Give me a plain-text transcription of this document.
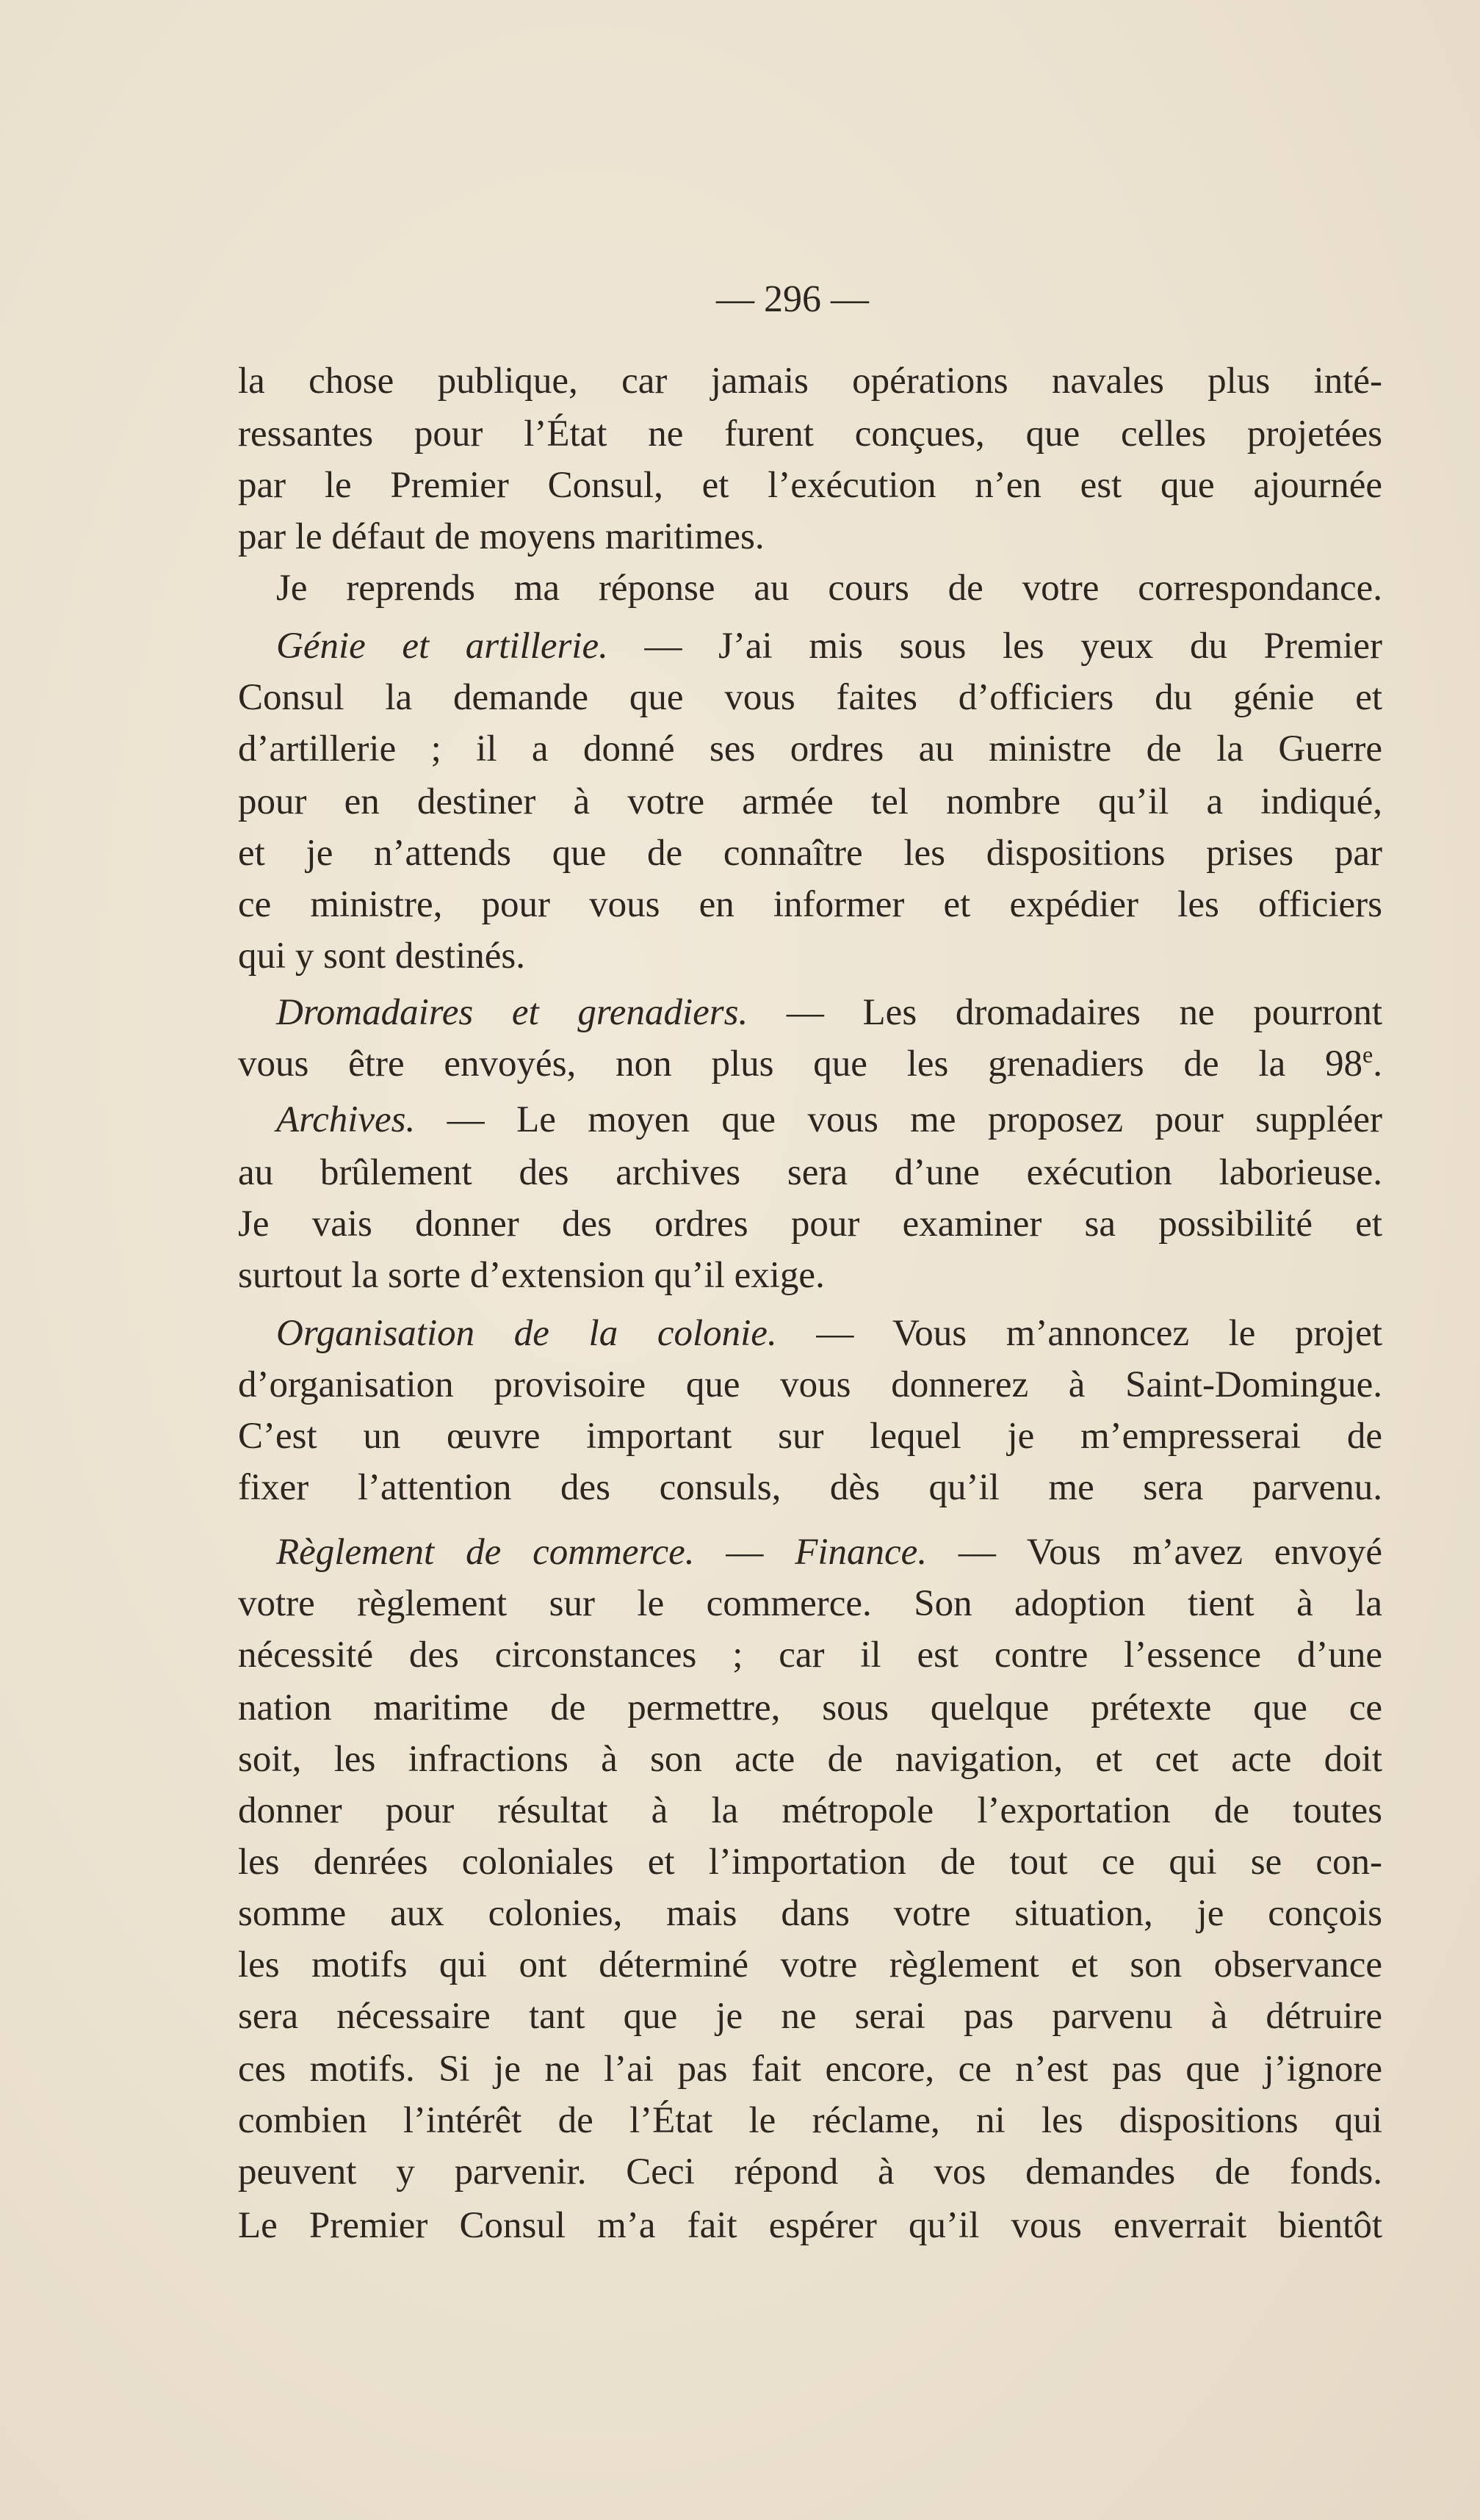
— 296 —
la chose publique, car jamais opérations navales plus inté-
ressantes pour l’État ne furent conçues, que celles projetées
par le Premier Consul, et l’exécution n’en est que ajournée
par le défaut de moyens maritimes.
Je reprends ma réponse au cours de votre correspondance.
Génie et artillerie. — J’ai mis sous les yeux du Premier
Consul la demande que vous faites d’officiers du génie et
d’artillerie ; il a donné ses ordres au ministre de la Guerre
pour en destiner à votre armée tel nombre qu’il a indiqué,
et je n’attends que de connaître les dispositions prises par
ce ministre, pour vous en informer et expédier les officiers
qui y sont destinés.
Dromadaires et grenadiers. — Les dromadaires ne pourront
vous être envoyés, non plus que les grenadiers de la 98e.
Archives. — Le moyen que vous me proposez pour suppléer
au brûlement des archives sera d’une exécution laborieuse.
Je vais donner des ordres pour examiner sa possibilité et
surtout la sorte d’extension qu’il exige.
Organisation de la colonie. — Vous m’annoncez le projet
d’organisation provisoire que vous donnerez à Saint-Domingue.
C’est un œuvre important sur lequel je m’empresserai de
fixer l’attention des consuls, dès qu’il me sera parvenu.
Règlement de commerce. — Finance. — Vous m’avez envoyé
votre règlement sur le commerce. Son adoption tient à la
nécessité des circonstances ; car il est contre l’essence d’une
nation maritime de permettre, sous quelque prétexte que ce
soit, les infractions à son acte de navigation, et cet acte doit
donner pour résultat à la métropole l’exportation de toutes
les denrées coloniales et l’importation de tout ce qui se con-
somme aux colonies, mais dans votre situation, je conçois
les motifs qui ont déterminé votre règlement et son observance
sera nécessaire tant que je ne serai pas parvenu à détruire
ces motifs. Si je ne l’ai pas fait encore, ce n’est pas que j’ignore
combien l’intérêt de l’État le réclame, ni les dispositions qui
peuvent y parvenir. Ceci répond à vos demandes de fonds.
Le Premier Consul m’a fait espérer qu’il vous enverrait bientôt
